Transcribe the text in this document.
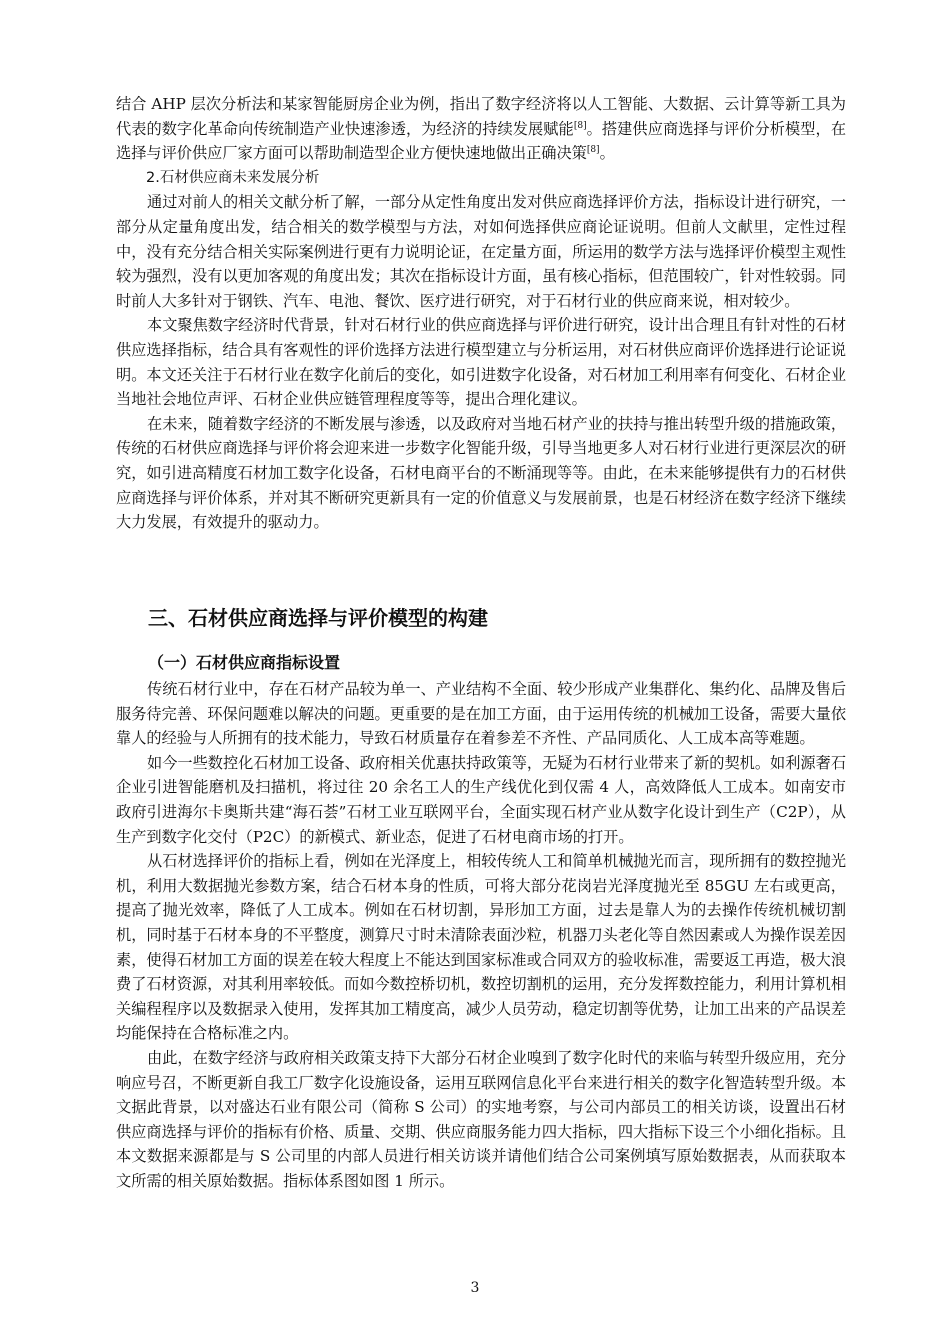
结合 AHP 层次分析法和某家智能厨房企业为例，指出了数字经济将以人工智能、大数据、云计算等新工具为代表的数字化革命向传统制造产业快速渗透，为经济的持续发展赋能[8]。搭建供应商选择与评价分析模型，在选择与评价供应厂家方面可以帮助制造型企业方便快速地做出正确决策[8]。

2.石材供应商未来发展分析

通过对前人的相关文献分析了解，一部分从定性角度出发对供应商选择评价方法，指标设计进行研究，一部分从定量角度出发，结合相关的数学模型与方法，对如何选择供应商论证说明。但前人文献里，定性过程中，没有充分结合相关实际案例进行更有力说明论证，在定量方面，所运用的数学方法与选择评价模型主观性较为强烈，没有以更加客观的角度出发；其次在指标设计方面，虽有核心指标，但范围较广，针对性较弱。同时前人大多针对于钢铁、汽车、电池、餐饮、医疗进行研究，对于石材行业的供应商来说，相对较少。

本文聚焦数字经济时代背景，针对石材行业的供应商选择与评价进行研究，设计出合理且有针对性的石材供应选择指标，结合具有客观性的评价选择方法进行模型建立与分析运用，对石材供应商评价选择进行论证说明。本文还关注于石材行业在数字化前后的变化，如引进数字化设备，对石材加工利用率有何变化、石材企业当地社会地位声评、石材企业供应链管理程度等等，提出合理化建议。

在未来，随着数字经济的不断发展与渗透，以及政府对当地石材产业的扶持与推出转型升级的措施政策，传统的石材供应商选择与评价将会迎来进一步数字化智能升级，引导当地更多人对石材行业进行更深层次的研究，如引进高精度石材加工数字化设备，石材电商平台的不断涌现等等。由此，在未来能够提供有力的石材供应商选择与评价体系，并对其不断研究更新具有一定的价值意义与发展前景，也是石材经济在数字经济下继续大力发展，有效提升的驱动力。

三、石材供应商选择与评价模型的构建
（一）石材供应商指标设置

传统石材行业中，存在石材产品较为单一、产业结构不全面、较少形成产业集群化、集约化、品牌及售后服务待完善、环保问题难以解决的问题。更重要的是在加工方面，由于运用传统的机械加工设备，需要大量依靠人的经验与人所拥有的技术能力，导致石材质量存在着参差不齐性、产品同质化、人工成本高等难题。

如今一些数控化石材加工设备、政府相关优惠扶持政策等，无疑为石材行业带来了新的契机。如利源奢石企业引进智能磨机及扫描机，将过往 20 余名工人的生产线优化到仅需 4 人，高效降低人工成本。如南安市政府引进海尔卡奥斯共建“海石荟”石材工业互联网平台，全面实现石材产业从数字化设计到生产（C2P），从生产到数字化交付（P2C）的新模式、新业态，促进了石材电商市场的打开。

从石材选择评价的指标上看，例如在光泽度上，相较传统人工和简单机械抛光而言，现所拥有的数控抛光机，利用大数据抛光参数方案，结合石材本身的性质，可将大部分花岗岩光泽度抛光至 85GU 左右或更高，提高了抛光效率，降低了人工成本。例如在石材切割，异形加工方面，过去是靠人为的去操作传统机械切割机，同时基于石材本身的不平整度，测算尺寸时未清除表面沙粒，机器刀头老化等自然因素或人为操作误差因素，使得石材加工方面的误差在较大程度上不能达到国家标准或合同双方的验收标准，需要返工再造，极大浪费了石材资源，对其利用率较低。而如今数控桥切机，数控切割机的运用，充分发挥数控能力，利用计算机相关编程程序以及数据录入使用，发挥其加工精度高，减少人员劳动，稳定切割等优势，让加工出来的产品误差均能保持在合格标准之内。

由此，在数字经济与政府相关政策支持下大部分石材企业嗅到了数字化时代的来临与转型升级应用，充分响应号召，不断更新自我工厂数字化设施设备，运用互联网信息化平台来进行相关的数字化智造转型升级。本文据此背景，以对盛达石业有限公司（简称 S 公司）的实地考察，与公司内部员工的相关访谈，设置出石材供应商选择与评价的指标有价格、质量、交期、供应商服务能力四大指标，四大指标下设三个小细化指标。且本文数据来源都是与 S 公司里的内部人员进行相关访谈并请他们结合公司案例填写原始数据表，从而获取本文所需的相关原始数据。指标体系图如图 1 所示。

3
